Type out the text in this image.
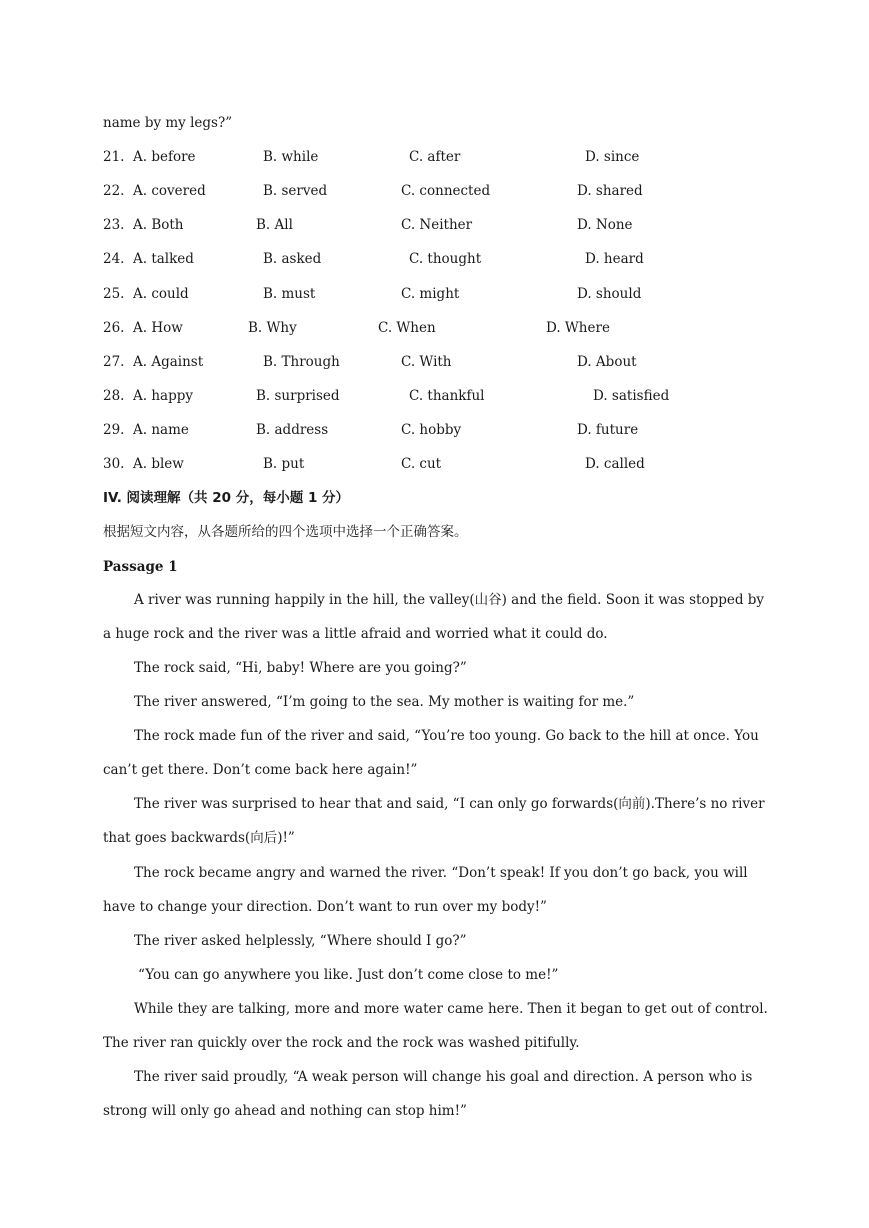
name by my legs?”
21. A. before	B. while	C. after	D. since
22. A. covered	B. served	C. connected	D. shared
23. A. Both	B. All	C. Neither	D. None
24. A. talked	B. asked	C. thought	D. heard
25. A. could	B. must	C. might	D. should
26. A. How	B. Why	C. When	D. Where
27. A. Against	B. Through	C. With	D. About
28. A. happy	B. surprised	C. thankful	D. satisfied
29. A. name	B. address	C. hobby	D. future
30. A. blew	B. put	C. cut	D. called
IV. 阅读理解（共 20 分，每小题 1 分）
根据短文内容，从各题所给的四个选项中选择一个正确答案。
Passage 1
A river was running happily in the hill, the valley(山谷) and the field. Soon it was stopped by a huge rock and the river was a little afraid and worried what it could do.
The rock said, “Hi, baby! Where are you going?”
The river answered, “I’m going to the sea. My mother is waiting for me.”
The rock made fun of the river and said, “You’re too young. Go back to the hill at once. You can’t get there. Don’t come back here again!”
The river was surprised to hear that and said, “I can only go forwards(向前).There’s no river that goes backwards(向后)!”
The rock became angry and warned the river. “Don’t speak! If you don’t go back, you will have to change your direction. Don’t want to run over my body!”
The river asked helplessly, “Where should I go?”
“You can go anywhere you like. Just don’t come close to me!”
While they are talking, more and more water came here. Then it began to get out of control. The river ran quickly over the rock and the rock was washed pitifully.
The river said proudly, “A weak person will change his goal and direction. A person who is strong will only go ahead and nothing can stop him!”
